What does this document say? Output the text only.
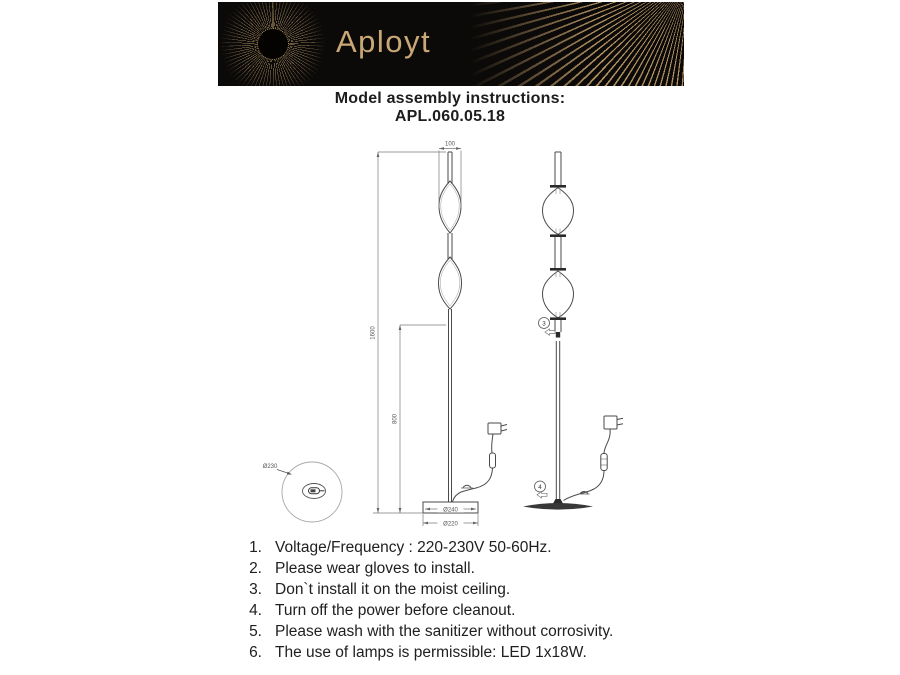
Aployt
Model assembly instructions:
APL.060.05.18
100
1600
800
Ø240
Ø220
Ø230
3
4
1. Voltage/Frequency : 220-230V 50-60Hz.
2. Please wear gloves to install.
3. Don`t install it on the moist ceiling.
4. Turn off the power before cleanout.
5. Please wash with the sanitizer without corrosivity.
6. The use of lamps is permissible: LED 1x18W.
